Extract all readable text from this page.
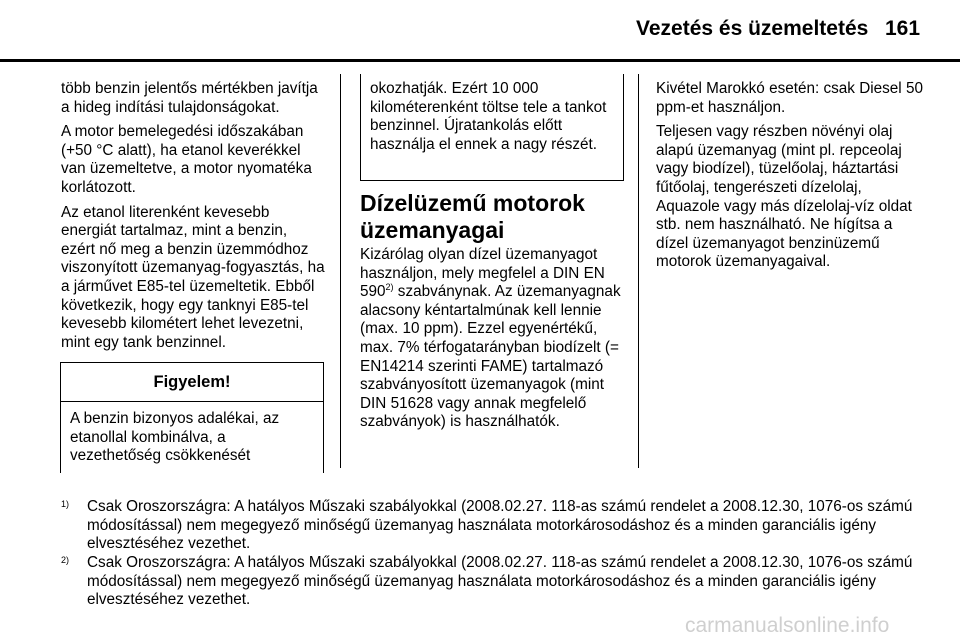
Vezetés és üzemeltetés 161

több benzin jelentős mértékben javítja a hideg indítási tulajdonságokat.

A motor bemelegedési időszakában (+50 °C alatt), ha etanol keverékkel van üzemeltetve, a motor nyomatéka korlátozott.

Az etanol literenként kevesebb energiát tartalmaz, mint a benzin, ezért nő meg a benzin üzemmódhoz viszonyított üzemanyag-fogyasztás, ha a járművet E85-tel üzemeltetik. Ebből következik, hogy egy tanknyi E85-tel kevesebb kilométert lehet levezetni, mint egy tank benzinnel.

Figyelem!
A benzin bizonyos adalékai, az etanollal kombinálva, a vezethetőség csökkenését
okozhatják. Ezért 10 000 kilométerenként töltse tele a tankot benzinnel. Újratankolás előtt használja el ennek a nagy részét.
Dízelüzemű motorok üzemanyagai
Kizárólag olyan dízel üzemanyagot használjon, mely megfelel a DIN EN 590$^{2)}$ szabványnak. Az üzemanyagnak alacsony kéntartalmúnak kell lennie (max. 10 ppm). Ezzel egyenértékű, max. 7% térfogatarányban biodízelt (= EN14214 szerinti FAME) tartalmazó szabványosított üzemanyagok (mint DIN 51628 vagy annak megfelelő szabványok) is használhatók.

Kivétel Marokkó esetén: csak Diesel 50 ppm-et használjon.

Teljesen vagy részben növényi olaj alapú üzemanyag (mint pl. repceolaj vagy biodízel), tüzelőolaj, háztartási fűtőolaj, tengerészeti dízelolaj, Aquazole vagy más dízelolaj-víz oldat stb. nem használható. Ne hígítsa a dízel üzemanyagot benzinüzemű motorok üzemanyagaival.

1) Csak Oroszországra: A hatályos Műszaki szabályokkal (2008.02.27. 118-as számú rendelet a 2008.12.30, 1076-os számú módosítással) nem megegyező minőségű üzemanyag használata motorkárosodáshoz és a minden garanciális igény elvesztéséhez vezethet.
2) Csak Oroszországra: A hatályos Műszaki szabályokkal (2008.02.27. 118-as számú rendelet a 2008.12.30, 1076-os számú módosítással) nem megegyező minőségű üzemanyag használata motorkárosodáshoz és a minden garanciális igény elvesztéséhez vezethet.
carmanualsonline.info
